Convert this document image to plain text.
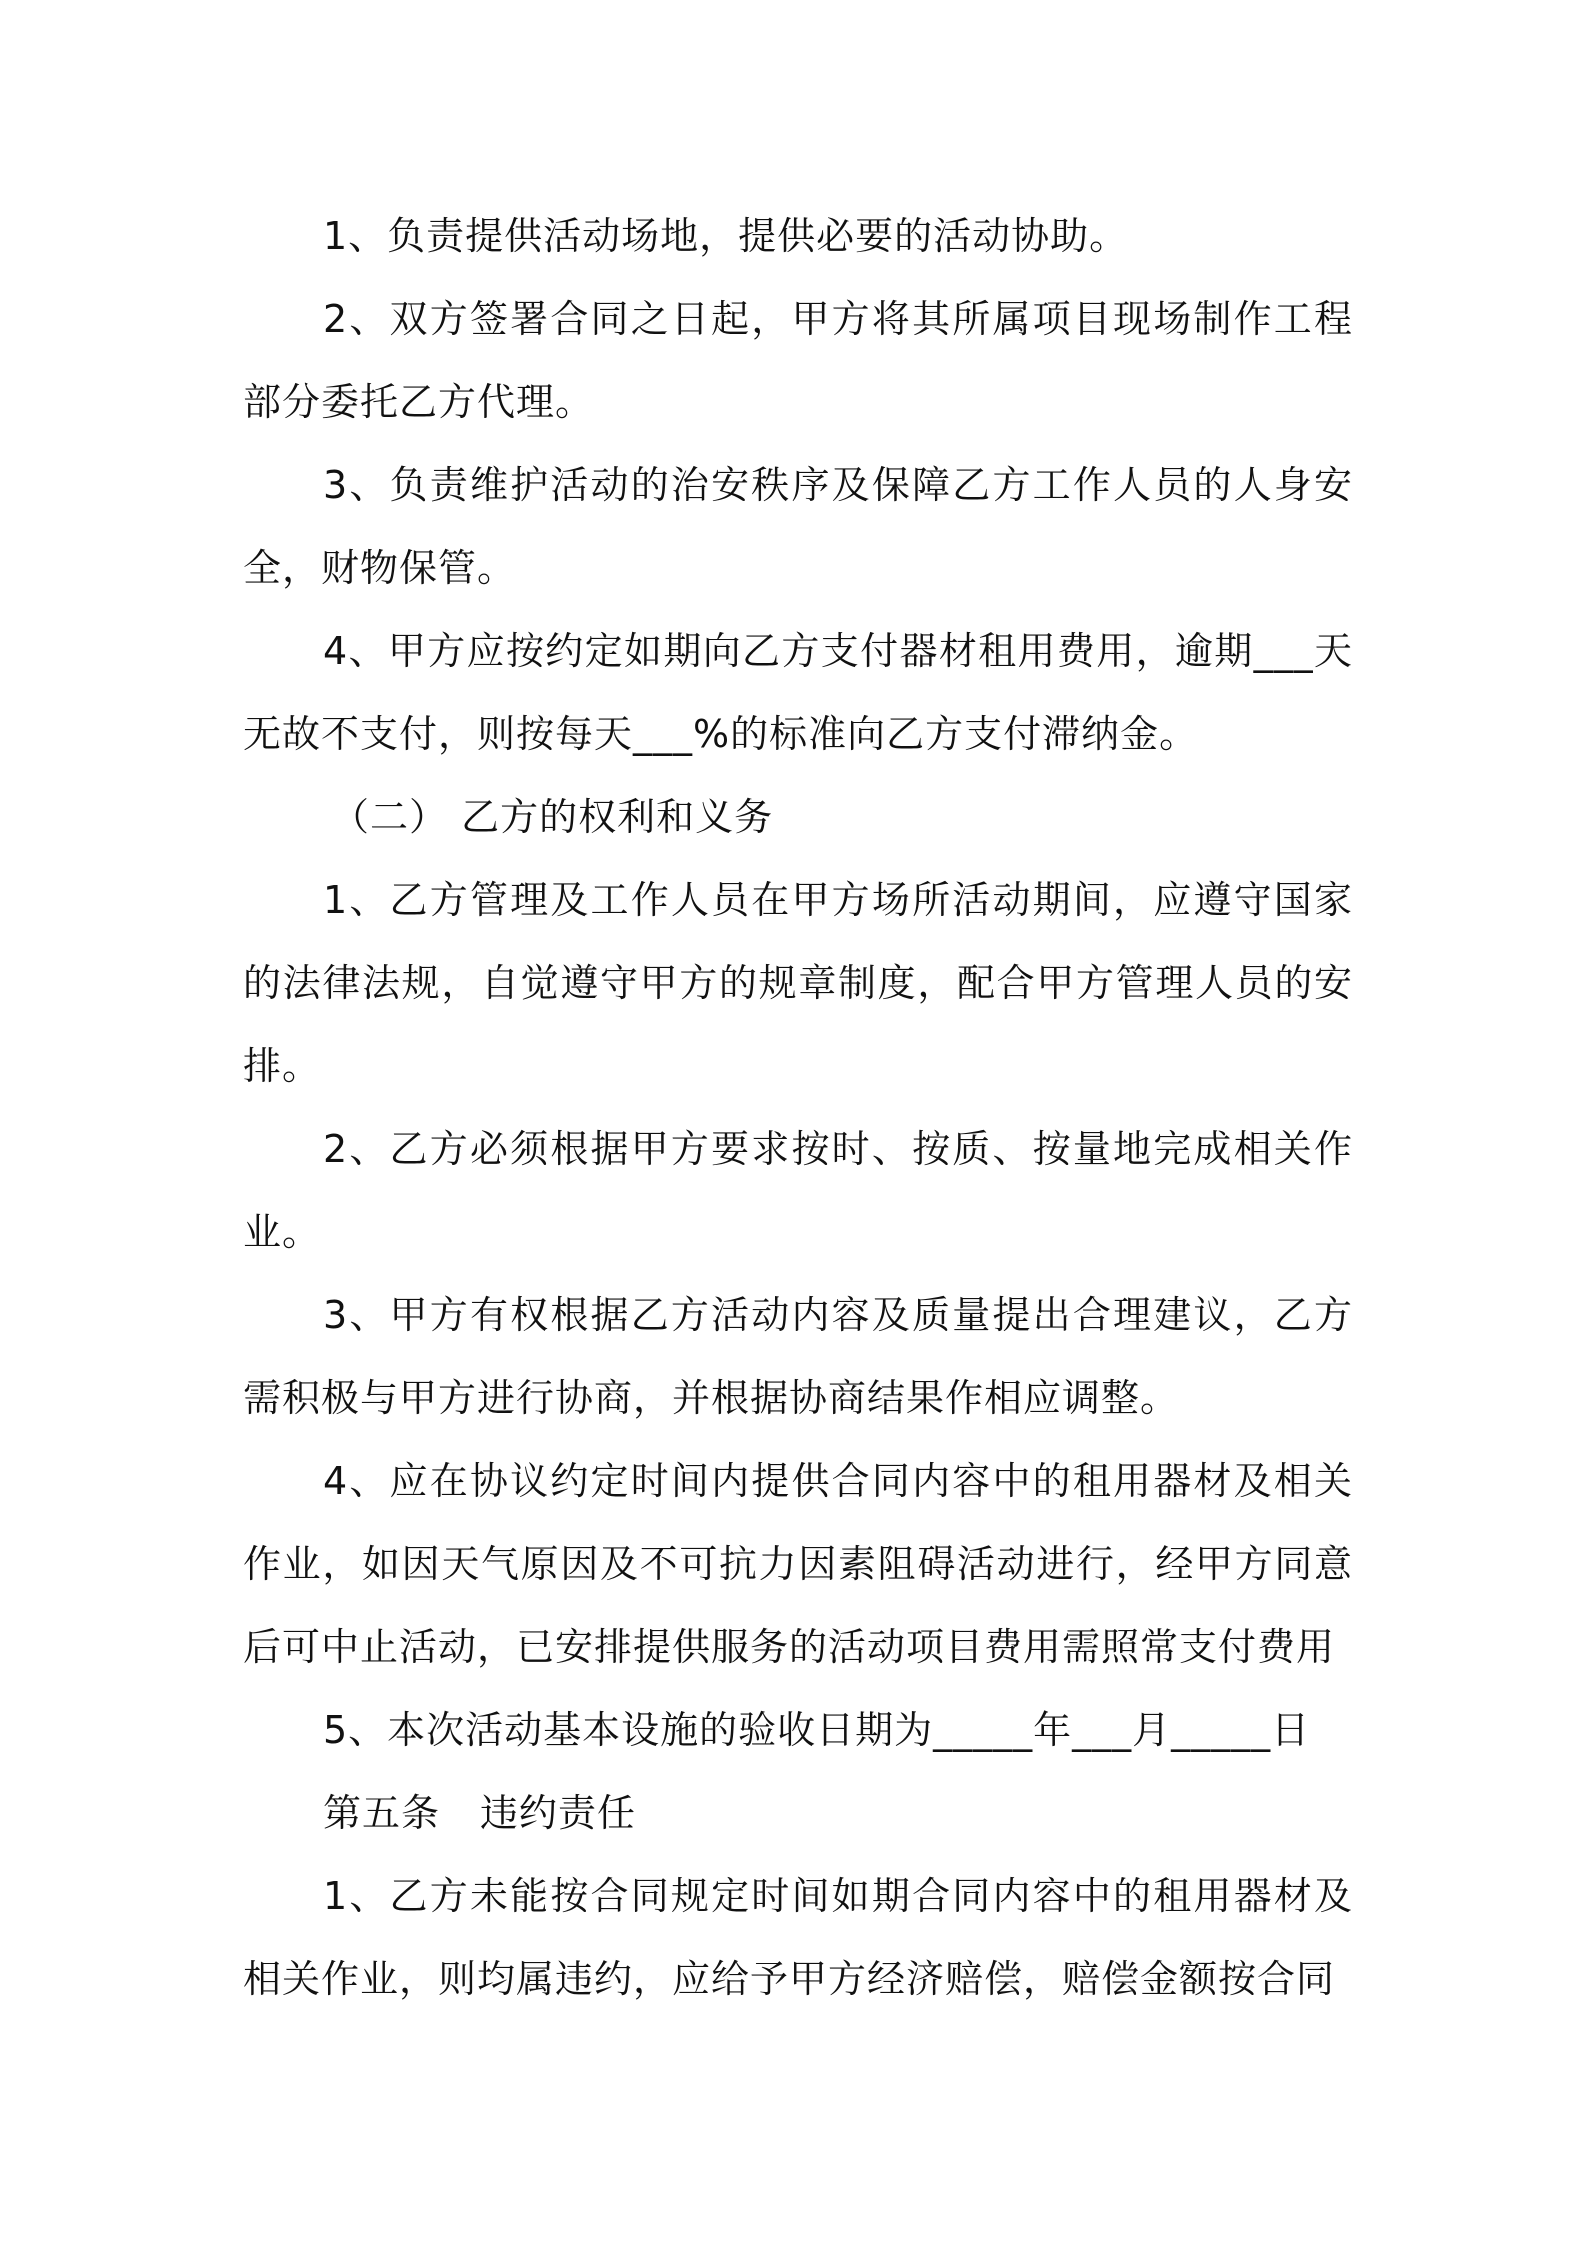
1、负责提供活动场地，提供必要的活动协助。

2、双方签署合同之日起，甲方将其所属项目现场制作工程部分委托乙方代理。

3、负责维护活动的治安秩序及保障乙方工作人员的人身安全，财物保管。

4、甲方应按约定如期向乙方支付器材租用费用，逾期___天无故不支付，则按每天___%的标准向乙方支付滞纳金。

（二） 乙方的权利和义务

1、乙方管理及工作人员在甲方场所活动期间，应遵守国家的法律法规，自觉遵守甲方的规章制度，配合甲方管理人员的安排。

2、乙方必须根据甲方要求按时、按质、按量地完成相关作业。

3、甲方有权根据乙方活动内容及质量提出合理建议，乙方需积极与甲方进行协商，并根据协商结果作相应调整。

4、应在协议约定时间内提供合同内容中的租用器材及相关作业，如因天气原因及不可抗力因素阻碍活动进行，经甲方同意后可中止活动，已安排提供服务的活动项目费用需照常支付费用

5、本次活动基本设施的验收日期为_____年___月_____日

第五条 违约责任

1、乙方未能按合同规定时间如期合同内容中的租用器材及相关作业，则均属违约，应给予甲方经济赔偿，赔偿金额按合同
